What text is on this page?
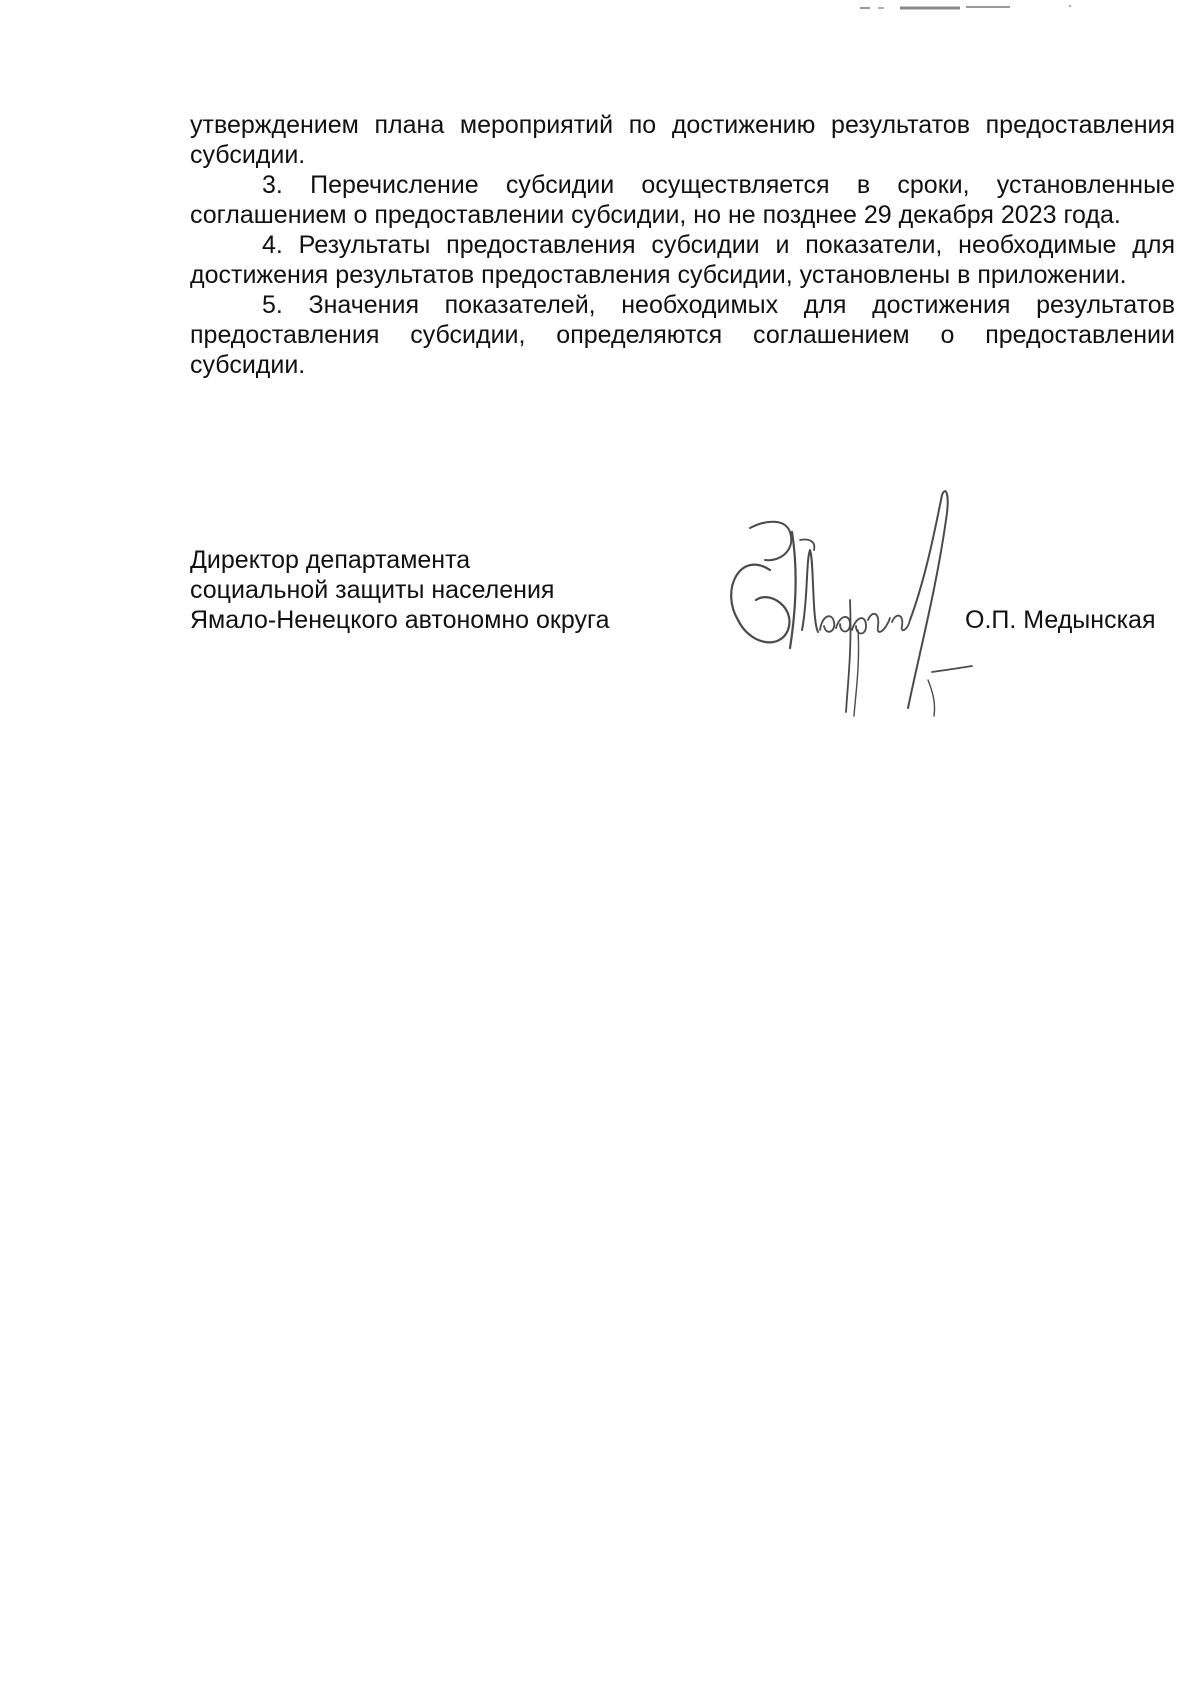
утверждением плана мероприятий по достижению результатов предоставления субсидии.

3. Перечисление субсидии осуществляется в сроки, установленные соглашением о предоставлении субсидии, но не позднее 29 декабря 2023 года.

4. Результаты предоставления субсидии и показатели, необходимые для достижения результатов предоставления субсидии, установлены в приложении.

5. Значения показателей, необходимых для достижения результатов предоставления субсидии, определяются соглашением о предоставлении субсидии.

Директор департамента
социальной защиты населения
Ямало-Ненецкого автономно округа	О.П. Медынская
